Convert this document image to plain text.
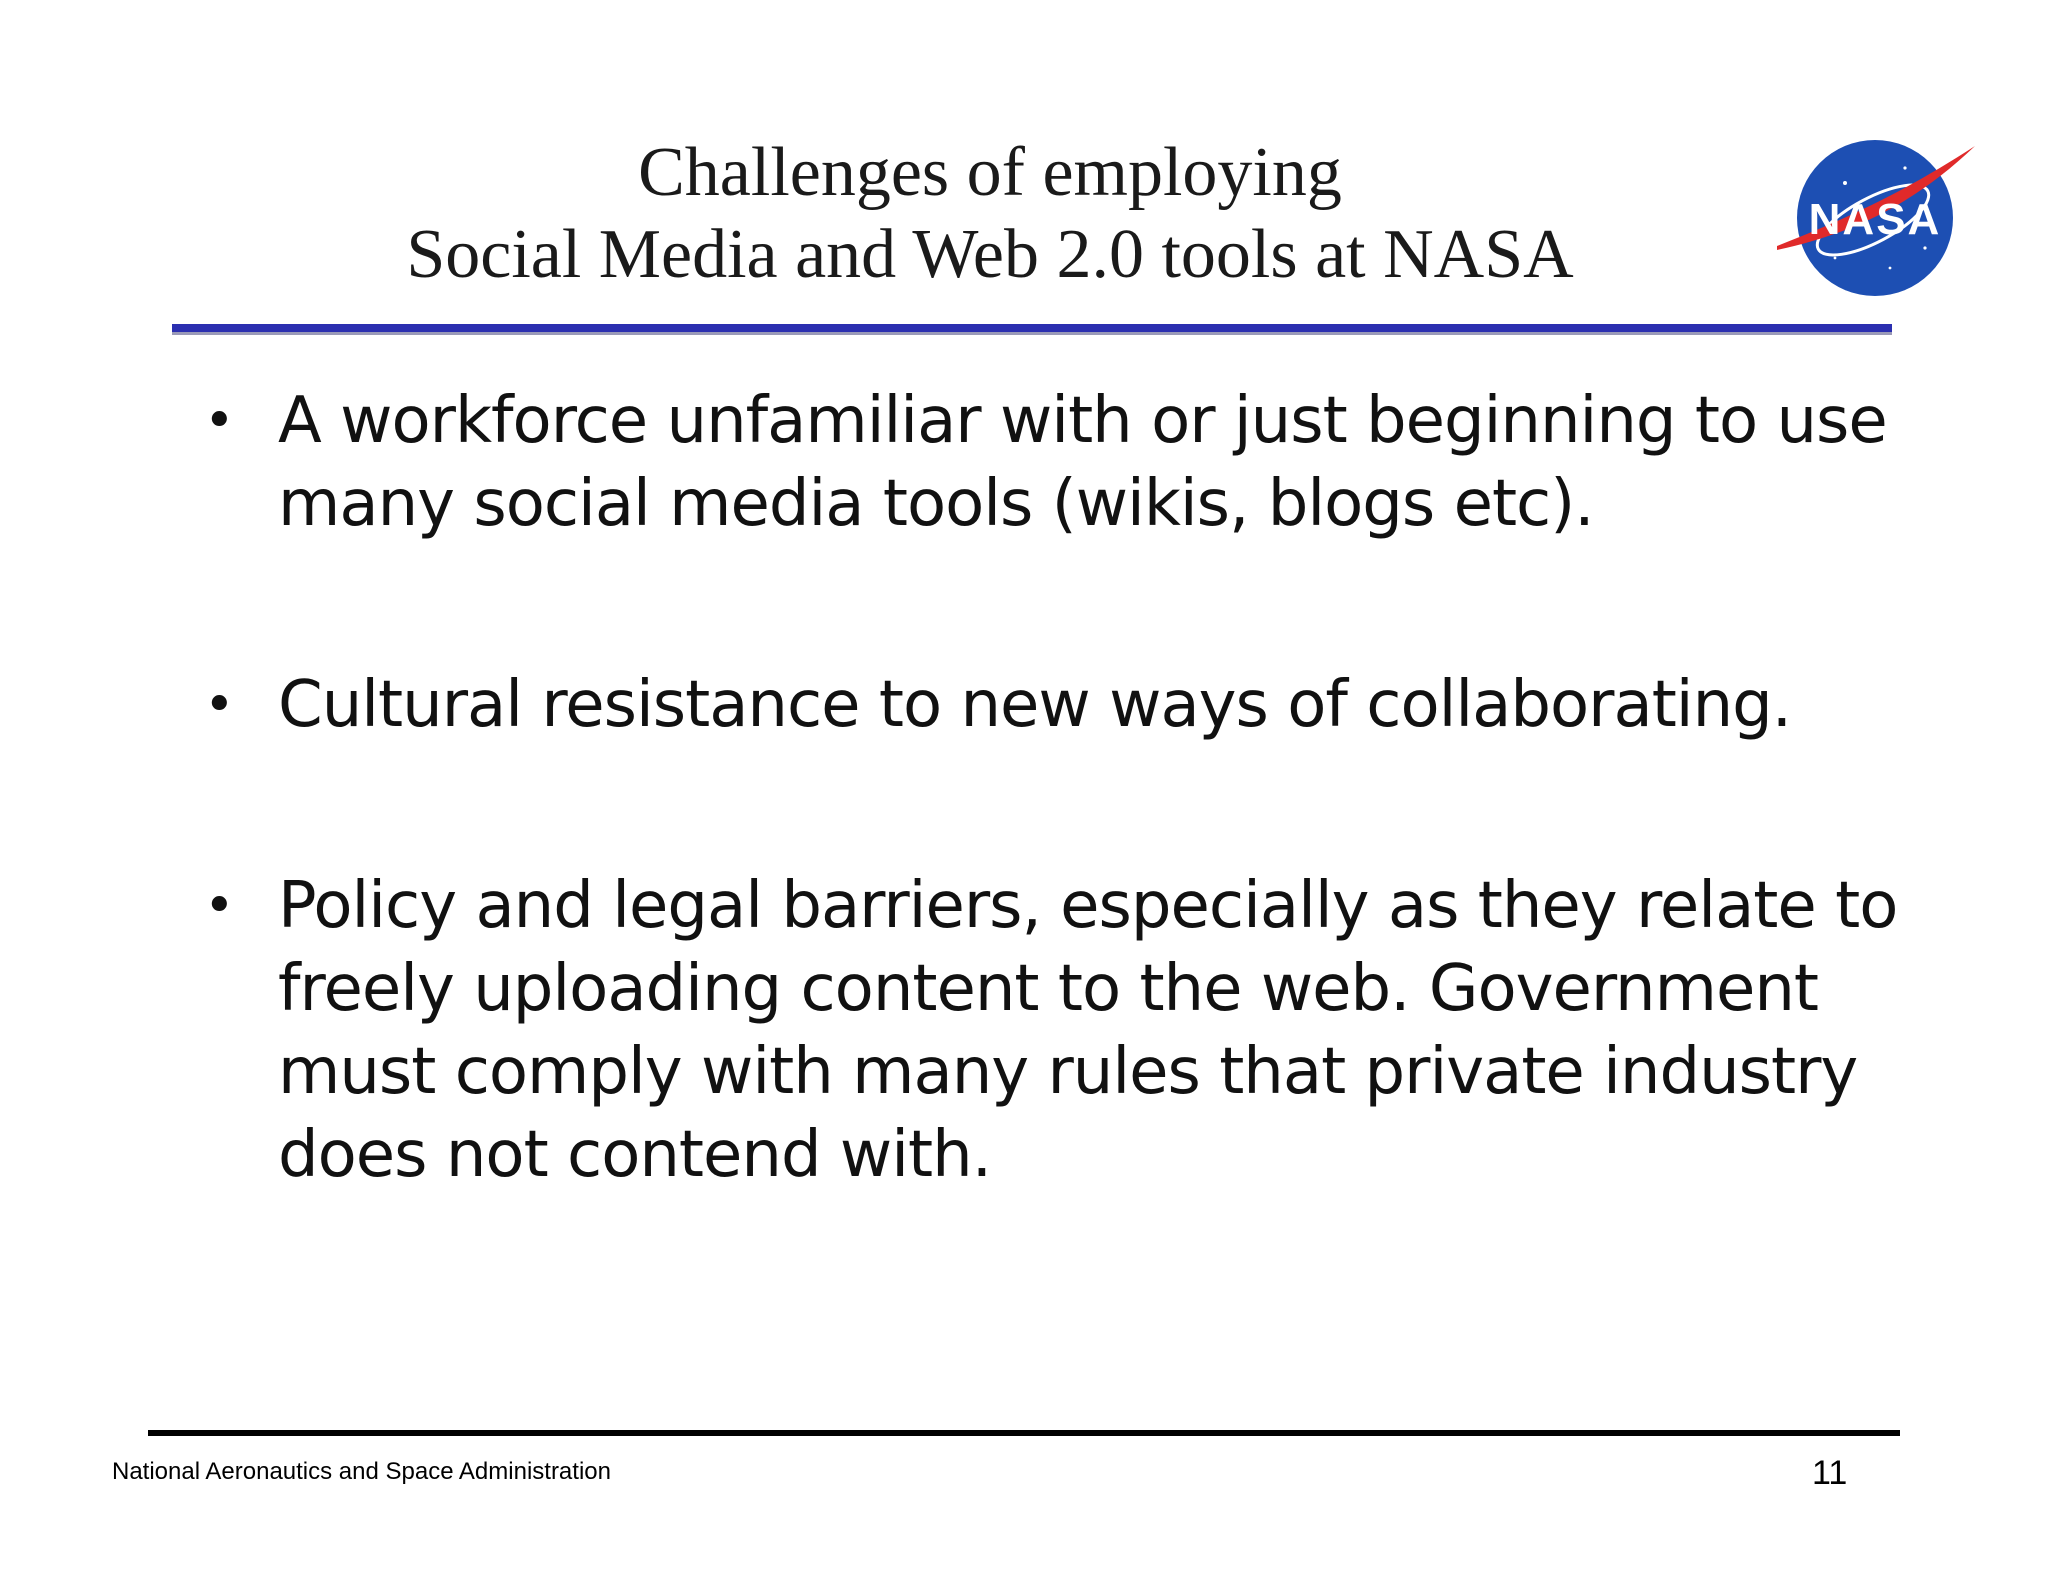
Challenges of employing
Social Media and Web 2.0 tools at NASA	NASA
• A workforce unfamiliar with or just beginning to use many social media tools (wikis, blogs etc).
• Cultural resistance to new ways of collaborating.
• Policy and legal barriers, especially as they relate to freely uploading content to the web. Government must comply with many rules that private industry does not contend with.
National Aeronautics and Space Administration	11
